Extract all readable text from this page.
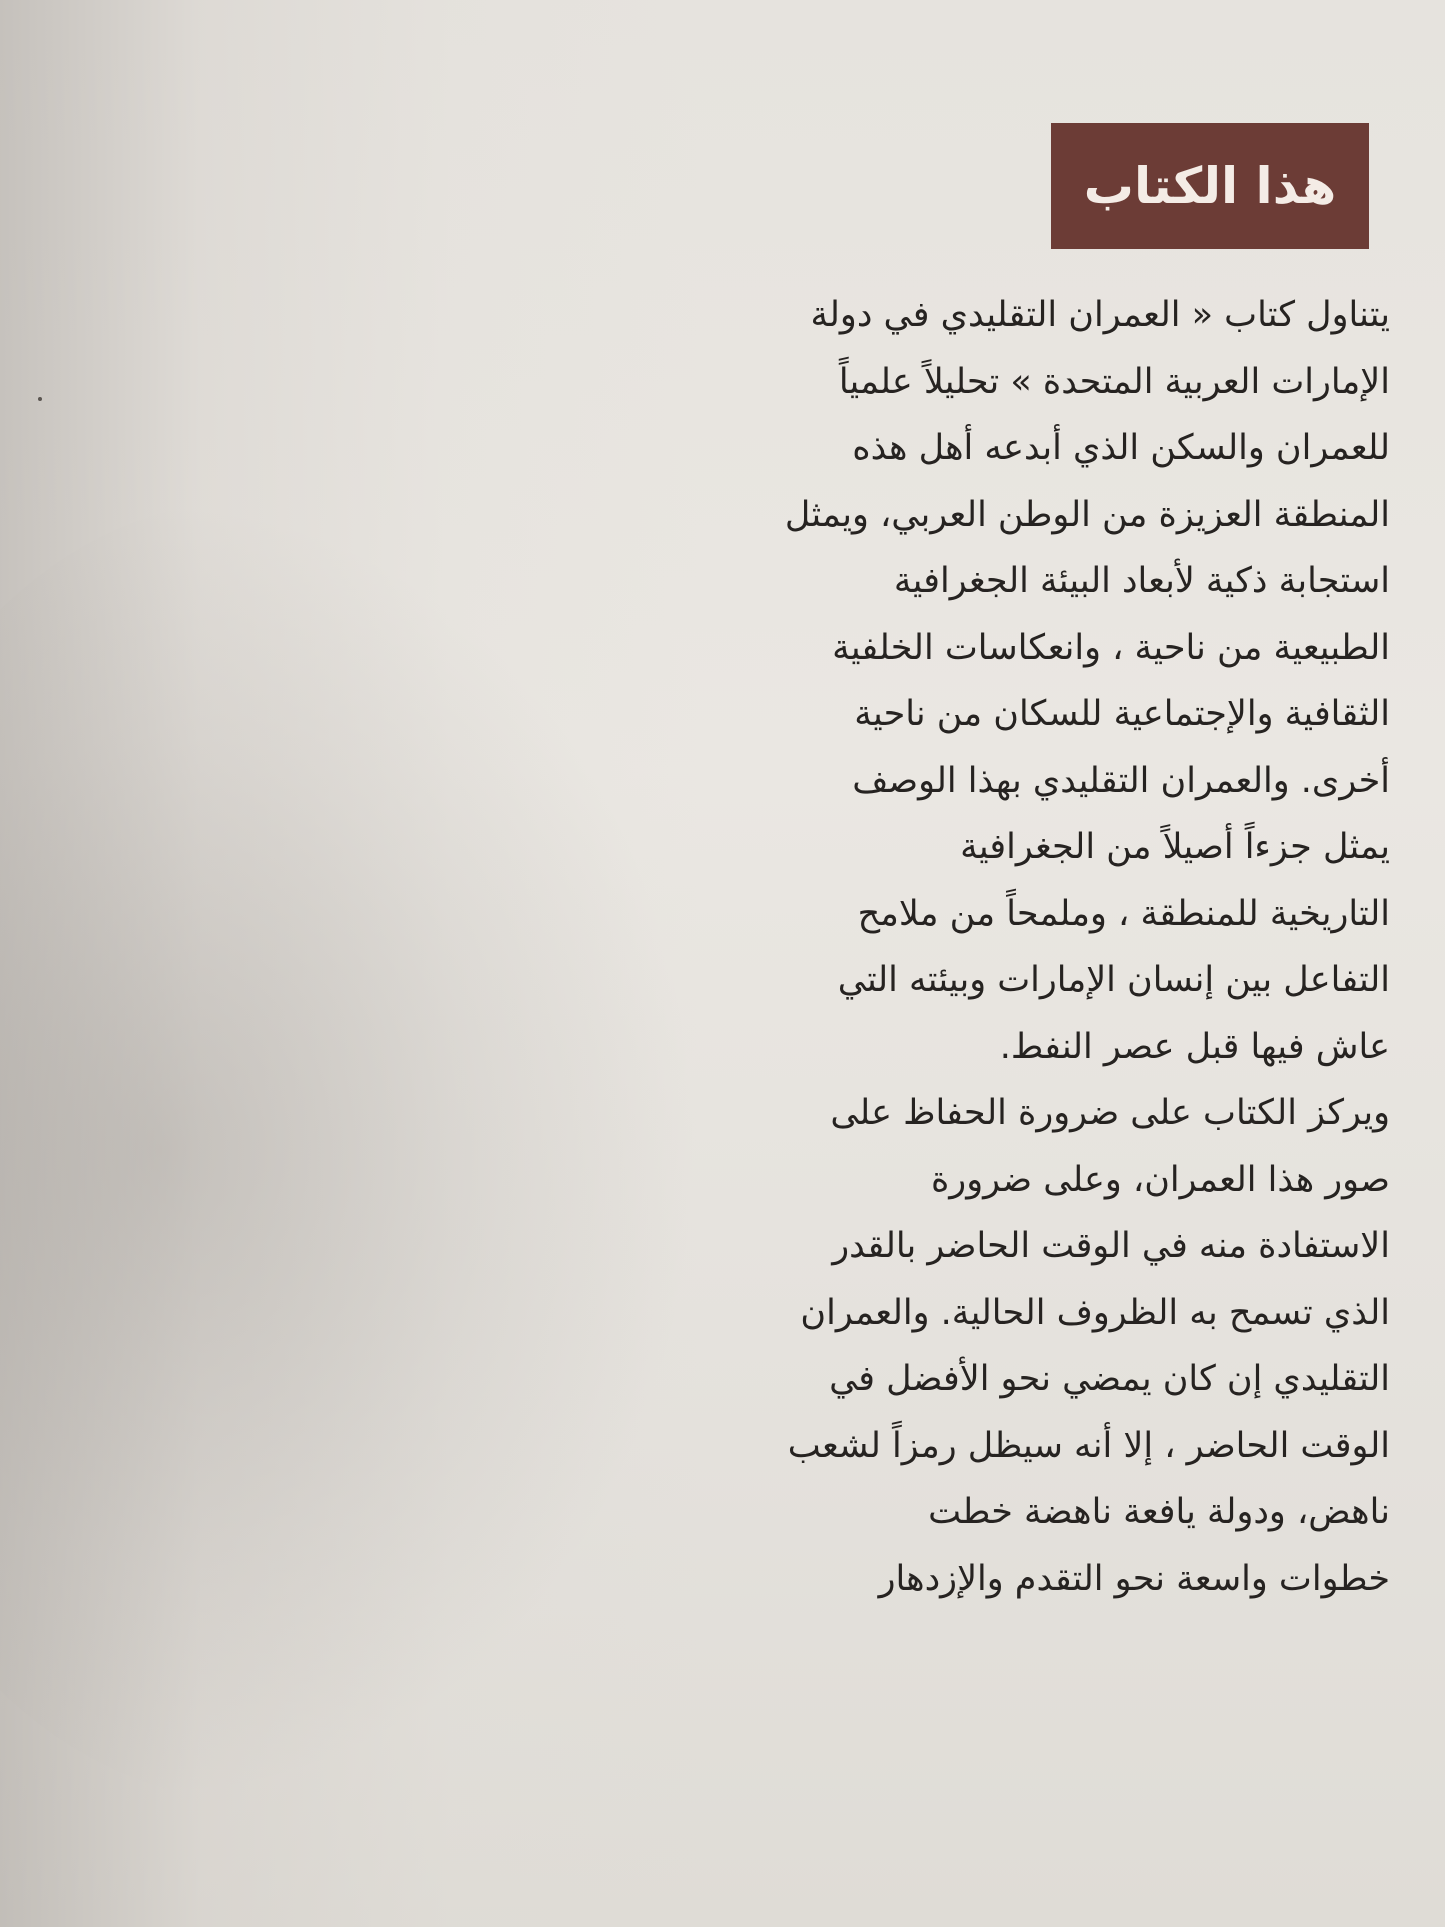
هذا الكتاب
يتناول كتاب « العمران التقليدي في دولة
الإمارات العربية المتحدة » تحليلاً علمياً
للعمران والسكن الذي أبدعه أهل هذه
المنطقة العزيزة من الوطن العربي، ويمثل
استجابة ذكية لأبعاد البيئة الجغرافية
الطبيعية من ناحية ، وانعكاسات الخلفية
الثقافية والإجتماعية للسكان من ناحية
أخرى. والعمران التقليدي بهذا الوصف
يمثل جزءاً أصيلاً من الجغرافية
التاريخية للمنطقة ، وملمحاً من ملامح
التفاعل بين إنسان الإمارات وبيئته التي
عاش فيها قبل عصر النفط.
ويركز الكتاب على ضرورة الحفاظ على
صور هذا العمران، وعلى ضرورة
الاستفادة منه في الوقت الحاضر بالقدر
الذي تسمح به الظروف الحالية. والعمران
التقليدي إن كان يمضي نحو الأفضل في
الوقت الحاضر ، إلا أنه سيظل رمزاً لشعب
ناهض، ودولة يافعة ناهضة خطت
خطوات واسعة نحو التقدم والإزدهار
